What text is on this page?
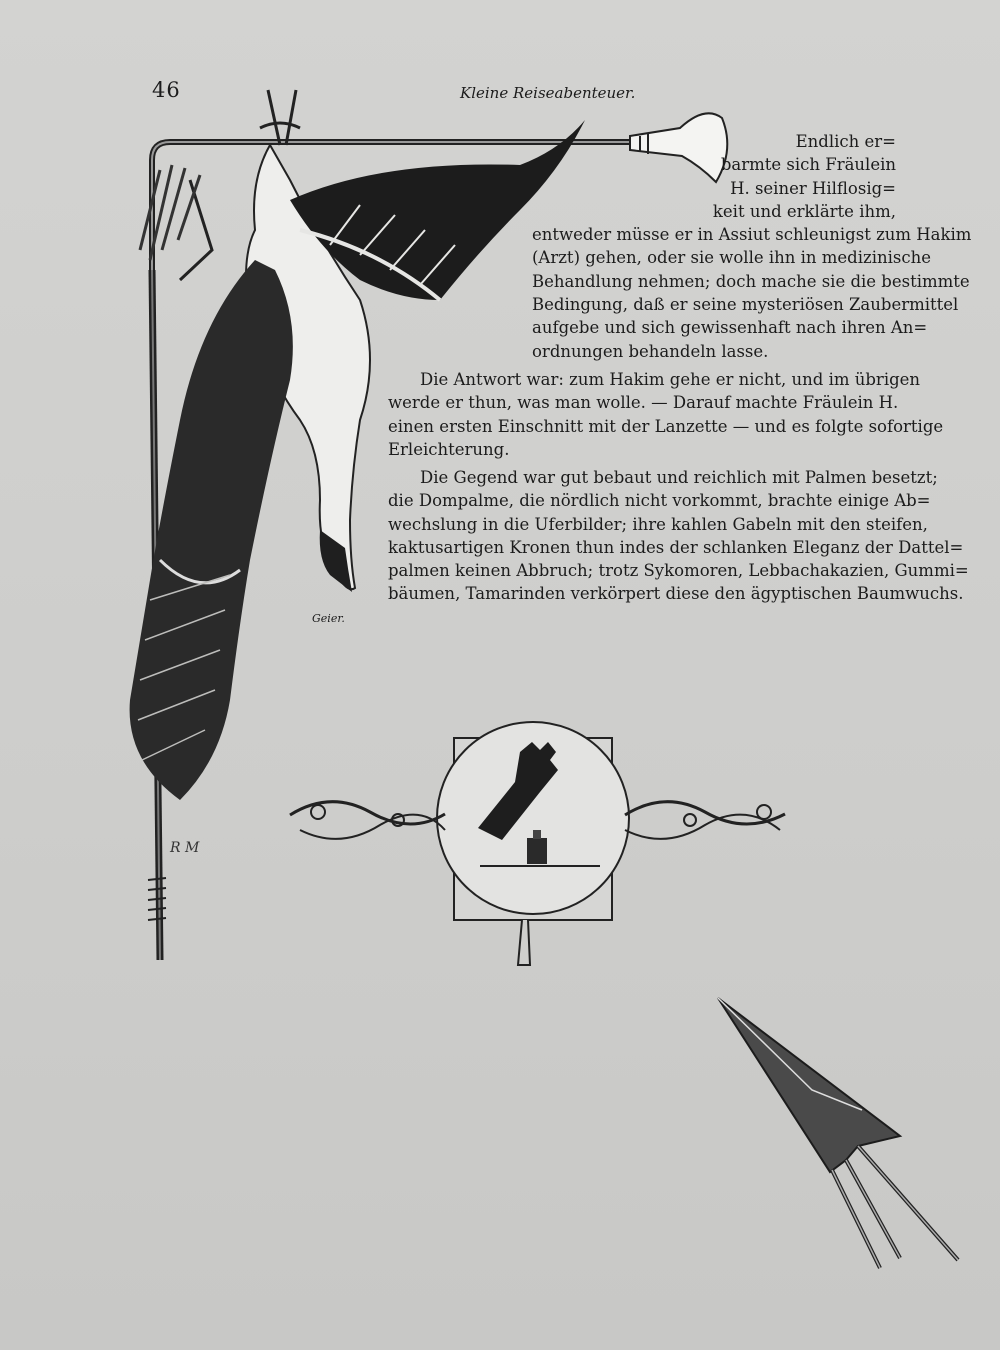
46	Kleine Reiseabenteuer.
R M
Endlich er=
barmte sich Fräulein
H. seiner Hilflosig=
keit und erklärte ihm,
entweder müsse er in Assiut schleunigst zum Hakim
(Arzt) gehen, oder sie wolle ihn in medizinische
Behandlung nehmen; doch mache sie die bestimmte
Bedingung, daß er seine mysteriösen Zaubermittel
aufgebe und sich gewissenhaft nach ihren An=
ordnungen behandeln lasse.
Die Antwort war: zum Hakim gehe er nicht, und im übrigen
werde er thun, was man wolle. — Darauf machte Fräulein H.
einen ersten Einschnitt mit der Lanzette — und es folgte sofortige
Erleichterung.
Die Gegend war gut bebaut und reichlich mit Palmen besetzt;
die Dompalme, die nördlich nicht vorkommt, brachte einige Ab=
wechslung in die Uferbilder; ihre kahlen Gabeln mit den steifen,
kaktusartigen Kronen thun indes der schlanken Eleganz der Dattel=
palmen keinen Abbruch; trotz Sykomoren, Lebbachakazien, Gummi=
bäumen, Tamarinden verkörpert diese den ägyptischen Baumwuchs.
Geier.
